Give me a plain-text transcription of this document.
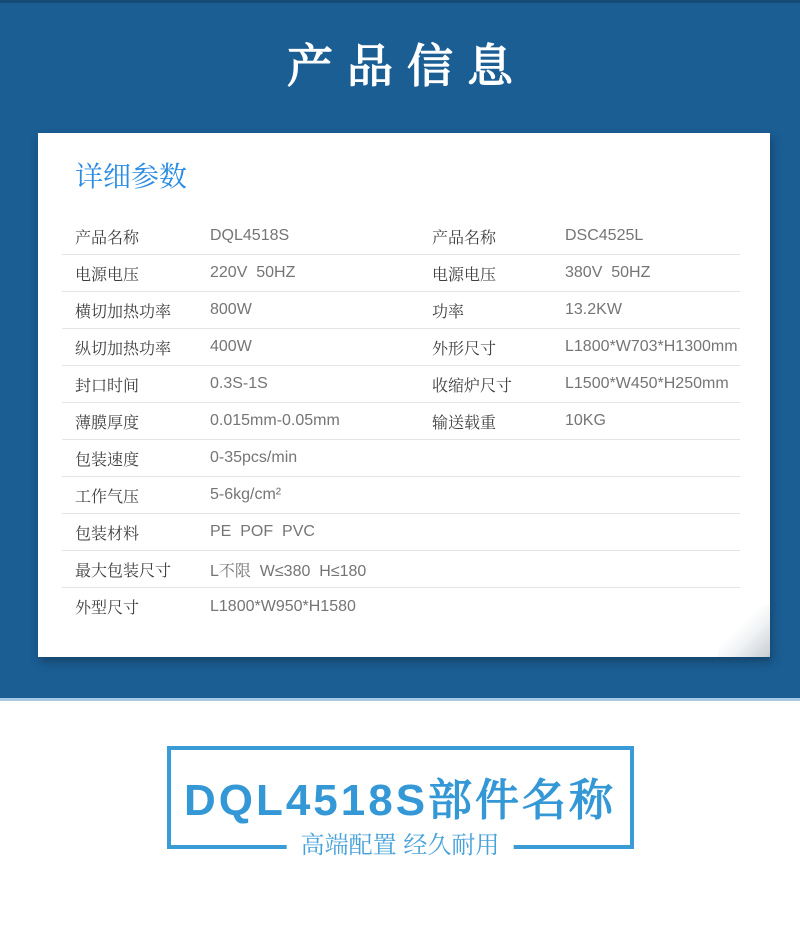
产品信息
详细参数
产品名称	DQL4518S	产品名称	DSC4525L
电源电压	220V  50HZ	电源电压	380V  50HZ
横切加热功率	800W	功率	13.2KW
纵切加热功率	400W	外形尺寸	L1800*W703*H1300mm
封口时间	0.3S-1S	收缩炉尺寸	L1500*W450*H250mm
薄膜厚度	0.015mm-0.05mm	输送载重	10KG
包装速度	0-35pcs/min
工作气压	5-6kg/cm²
包装材料	PE  POF  PVC
最大包装尺寸	L不限  W≤380  H≤180
外型尺寸	L1800*W950*H1580
DQL4518S部件名称
高端配置 经久耐用
